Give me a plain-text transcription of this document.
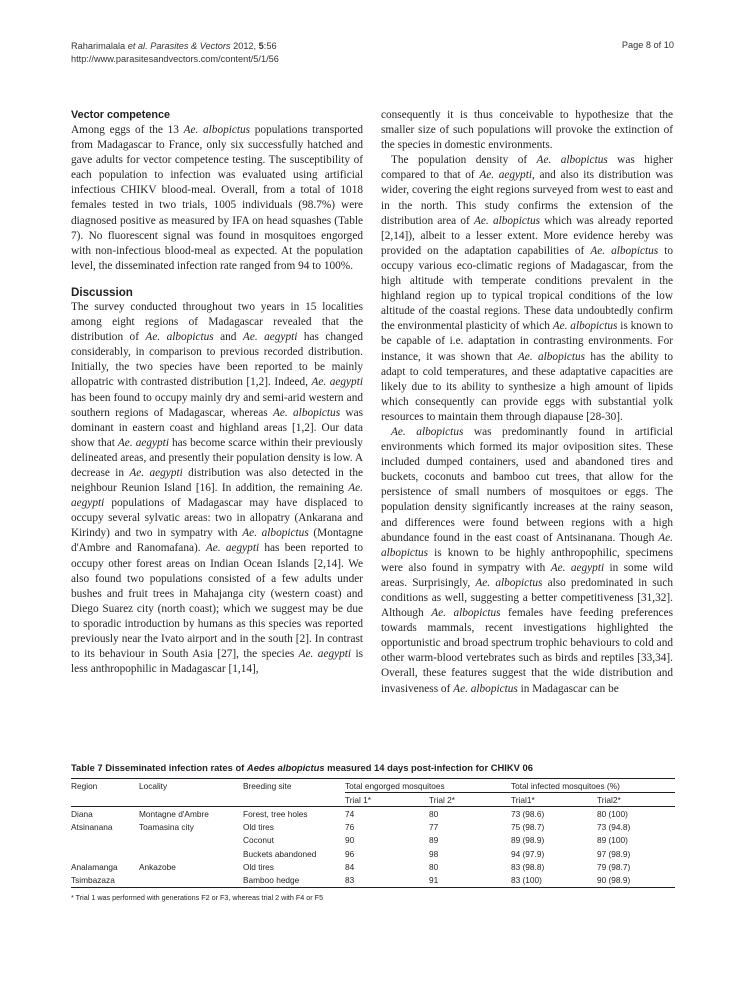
Raharimalala et al. Parasites & Vectors 2012, 5:56
http://www.parasitesandvectors.com/content/5/1/56
Page 8 of 10
Vector competence

Among eggs of the 13 Ae. albopictus populations transported from Madagascar to France, only six successfully hatched and gave adults for vector competence testing. The susceptibility of each population to infection was evaluated using artificial infectious CHIKV blood-meal. Overall, from a total of 1018 females tested in two trials, 1005 individuals (98.7%) were diagnosed positive as measured by IFA on head squashes (Table 7). No fluorescent signal was found in mosquitoes engorged with non-infectious blood-meal as expected. At the population level, the disseminated infection rate ranged from 94 to 100%.

Discussion

The survey conducted throughout two years in 15 localities among eight regions of Madagascar revealed that the distribution of Ae. albopictus and Ae. aegypti has changed considerably, in comparison to previous recorded distribution. Initially, the two species have been reported to be mainly allopatric with contrasted distribution [1,2]. Indeed, Ae. aegypti has been found to occupy mainly dry and semi-arid western and southern regions of Madagascar, whereas Ae. albopictus was dominant in eastern coast and highland areas [1,2]. Our data show that Ae. aegypti has become scarce within their previously delineated areas, and presently their population density is low. A decrease in Ae. aegypti distribution was also detected in the neighbour Reunion Island [16]. In addition, the remaining Ae. aegypti populations of Madagascar may have displaced to occupy several sylvatic areas: two in allopatry (Ankarana and Kirindy) and two in sympatry with Ae. albopictus (Montagne d'Ambre and Ranomafana). Ae. aegypti has been reported to occupy other forest areas on Indian Ocean Islands [2,14]. We also found two populations consisted of a few adults under bushes and fruit trees in Mahajanga city (western coast) and Diego Suarez city (north coast); which we suggest may be due to sporadic introduction by humans as this species was reported previously near the Ivato airport and in the south [2]. In contrast to its behaviour in South Asia [27], the species Ae. aegypti is less anthropophilic in Madagascar [1,14],

consequently it is thus conceivable to hypothesize that the smaller size of such populations will provoke the extinction of the species in domestic environments.

The population density of Ae. albopictus was higher compared to that of Ae. aegypti, and also its distribution was wider, covering the eight regions surveyed from west to east and in the north. This study confirms the extension of the distribution area of Ae. albopictus which was already reported [2,14]), albeit to a lesser extent. More evidence hereby was provided on the adaptation capabilities of Ae. albopictus to occupy various eco-climatic regions of Madagascar, from the high altitude with temperate conditions prevalent in the highland region up to typical tropical conditions of the low altitude of the coastal regions. These data undoubtedly confirm the environmental plasticity of which Ae. albopictus is known to be capable of i.e. adaptation in contrasting environments. For instance, it was shown that Ae. albopictus has the ability to adapt to cold temperatures, and these adaptative capacities are likely due to its ability to synthesize a high amount of lipids which consequently can provide eggs with substantial yolk resources to maintain them through diapause [28-30].

Ae. albopictus was predominantly found in artificial environments which formed its major oviposition sites. These included dumped containers, used and abandoned tires and buckets, coconuts and bamboo cut trees, that allow for the persistence of small numbers of mosquitoes or eggs. The population density significantly increases at the rainy season, and differences were found between regions with a high abundance found in the east coast of Antsinanana. Though Ae. albopictus is known to be highly anthropophilic, specimens were also found in sympatry with Ae. aegypti in some wild areas. Surprisingly, Ae. albopictus also predominated in such conditions as well, suggesting a better competitiveness [31,32]. Although Ae. albopictus females have feeding preferences towards mammals, recent investigations highlighted the opportunistic and broad spectrum trophic behaviours to cold and other warm-blood vertebrates such as birds and reptiles [33,34]. Overall, these features suggest that the wide distribution and invasiveness of Ae. albopictus in Madagascar can be

Table 7 Disseminated infection rates of Aedes albopictus measured 14 days post-infection for CHIKV 06
Region	Locality	Breeding site	Total engorged mosquitoes		Total infected mosquitoes (%)	
			Trial 1*	Trial 2*	Trial1*	Trial2*
Diana	Montagne d'Ambre	Forest, tree holes	74	80	73 (98.6)	80 (100)
Atsinanana	Toamasina city	Old tires	76	77	75 (98.7)	73 (94.8)
		Coconut	90	89	89 (98.9)	89 (100)
		Buckets abandoned	96	98	94 (97.9)	97 (98.9)
Analamanga	Ankazobe	Old tires	84	80	83 (98.8)	79 (98.7)
Tsimbazaza		Bamboo hedge	83	91	83 (100)	90 (98.9)
* Trial 1 was performed with generations F2 or F3, whereas trial 2 with F4 or F5
